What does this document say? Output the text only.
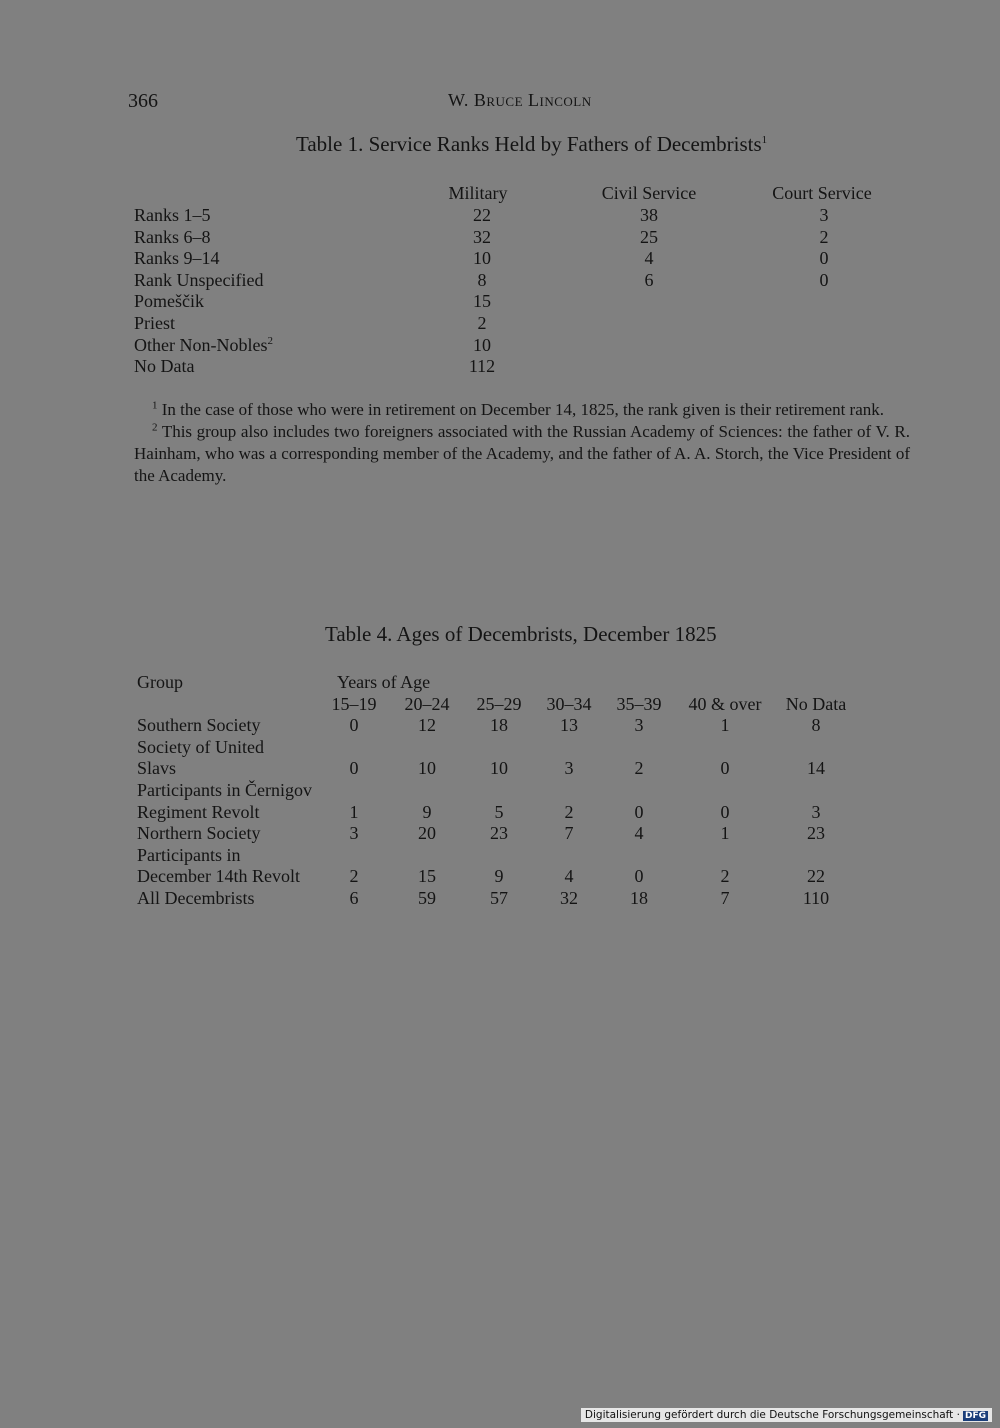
366	W. Bruce Lincoln
Table 1. Service Ranks Held by Fathers of Decembrists$^1$
Military	Civil Service	Court Service
Ranks 1–5	22	38	3
Ranks 6–8	32	25	2
Ranks 9–14	10	4	0
Rank Unspecified	8	6	0
Pomeščik	15
Priest	2
Other Non-Nobles$^2$	10
No Data	112

$^1$ In the case of those who were in retirement on December 14, 1825, the rank given is their retirement rank.

$^2$ This group also includes two foreigners associated with the Russian Academy of Sciences: the father of V. R. Hainham, who was a corresponding member of the Academy, and the father of A. A. Storch, the Vice President of the Academy.

Table 4. Ages of Decembrists, December 1825
Group	Years of Age
15–19	20–24	25–29	30–34	35–39	40 & over	No Data
Southern Society	0	12	18	13	3	1	8
Society of United
Slavs	0	10	10	3	2	0	14
Participants in Černigov
Regiment Revolt	1	9	5	2	0	0	3
Northern Society	3	20	23	7	4	1	23
Participants in
December 14th Revolt	2	15	9	4	0	2	22
All Decembrists	6	59	57	32	18	7	110
Digitalisierung gefördert durch die Deutsche Forschungsgemeinschaft · DFG
